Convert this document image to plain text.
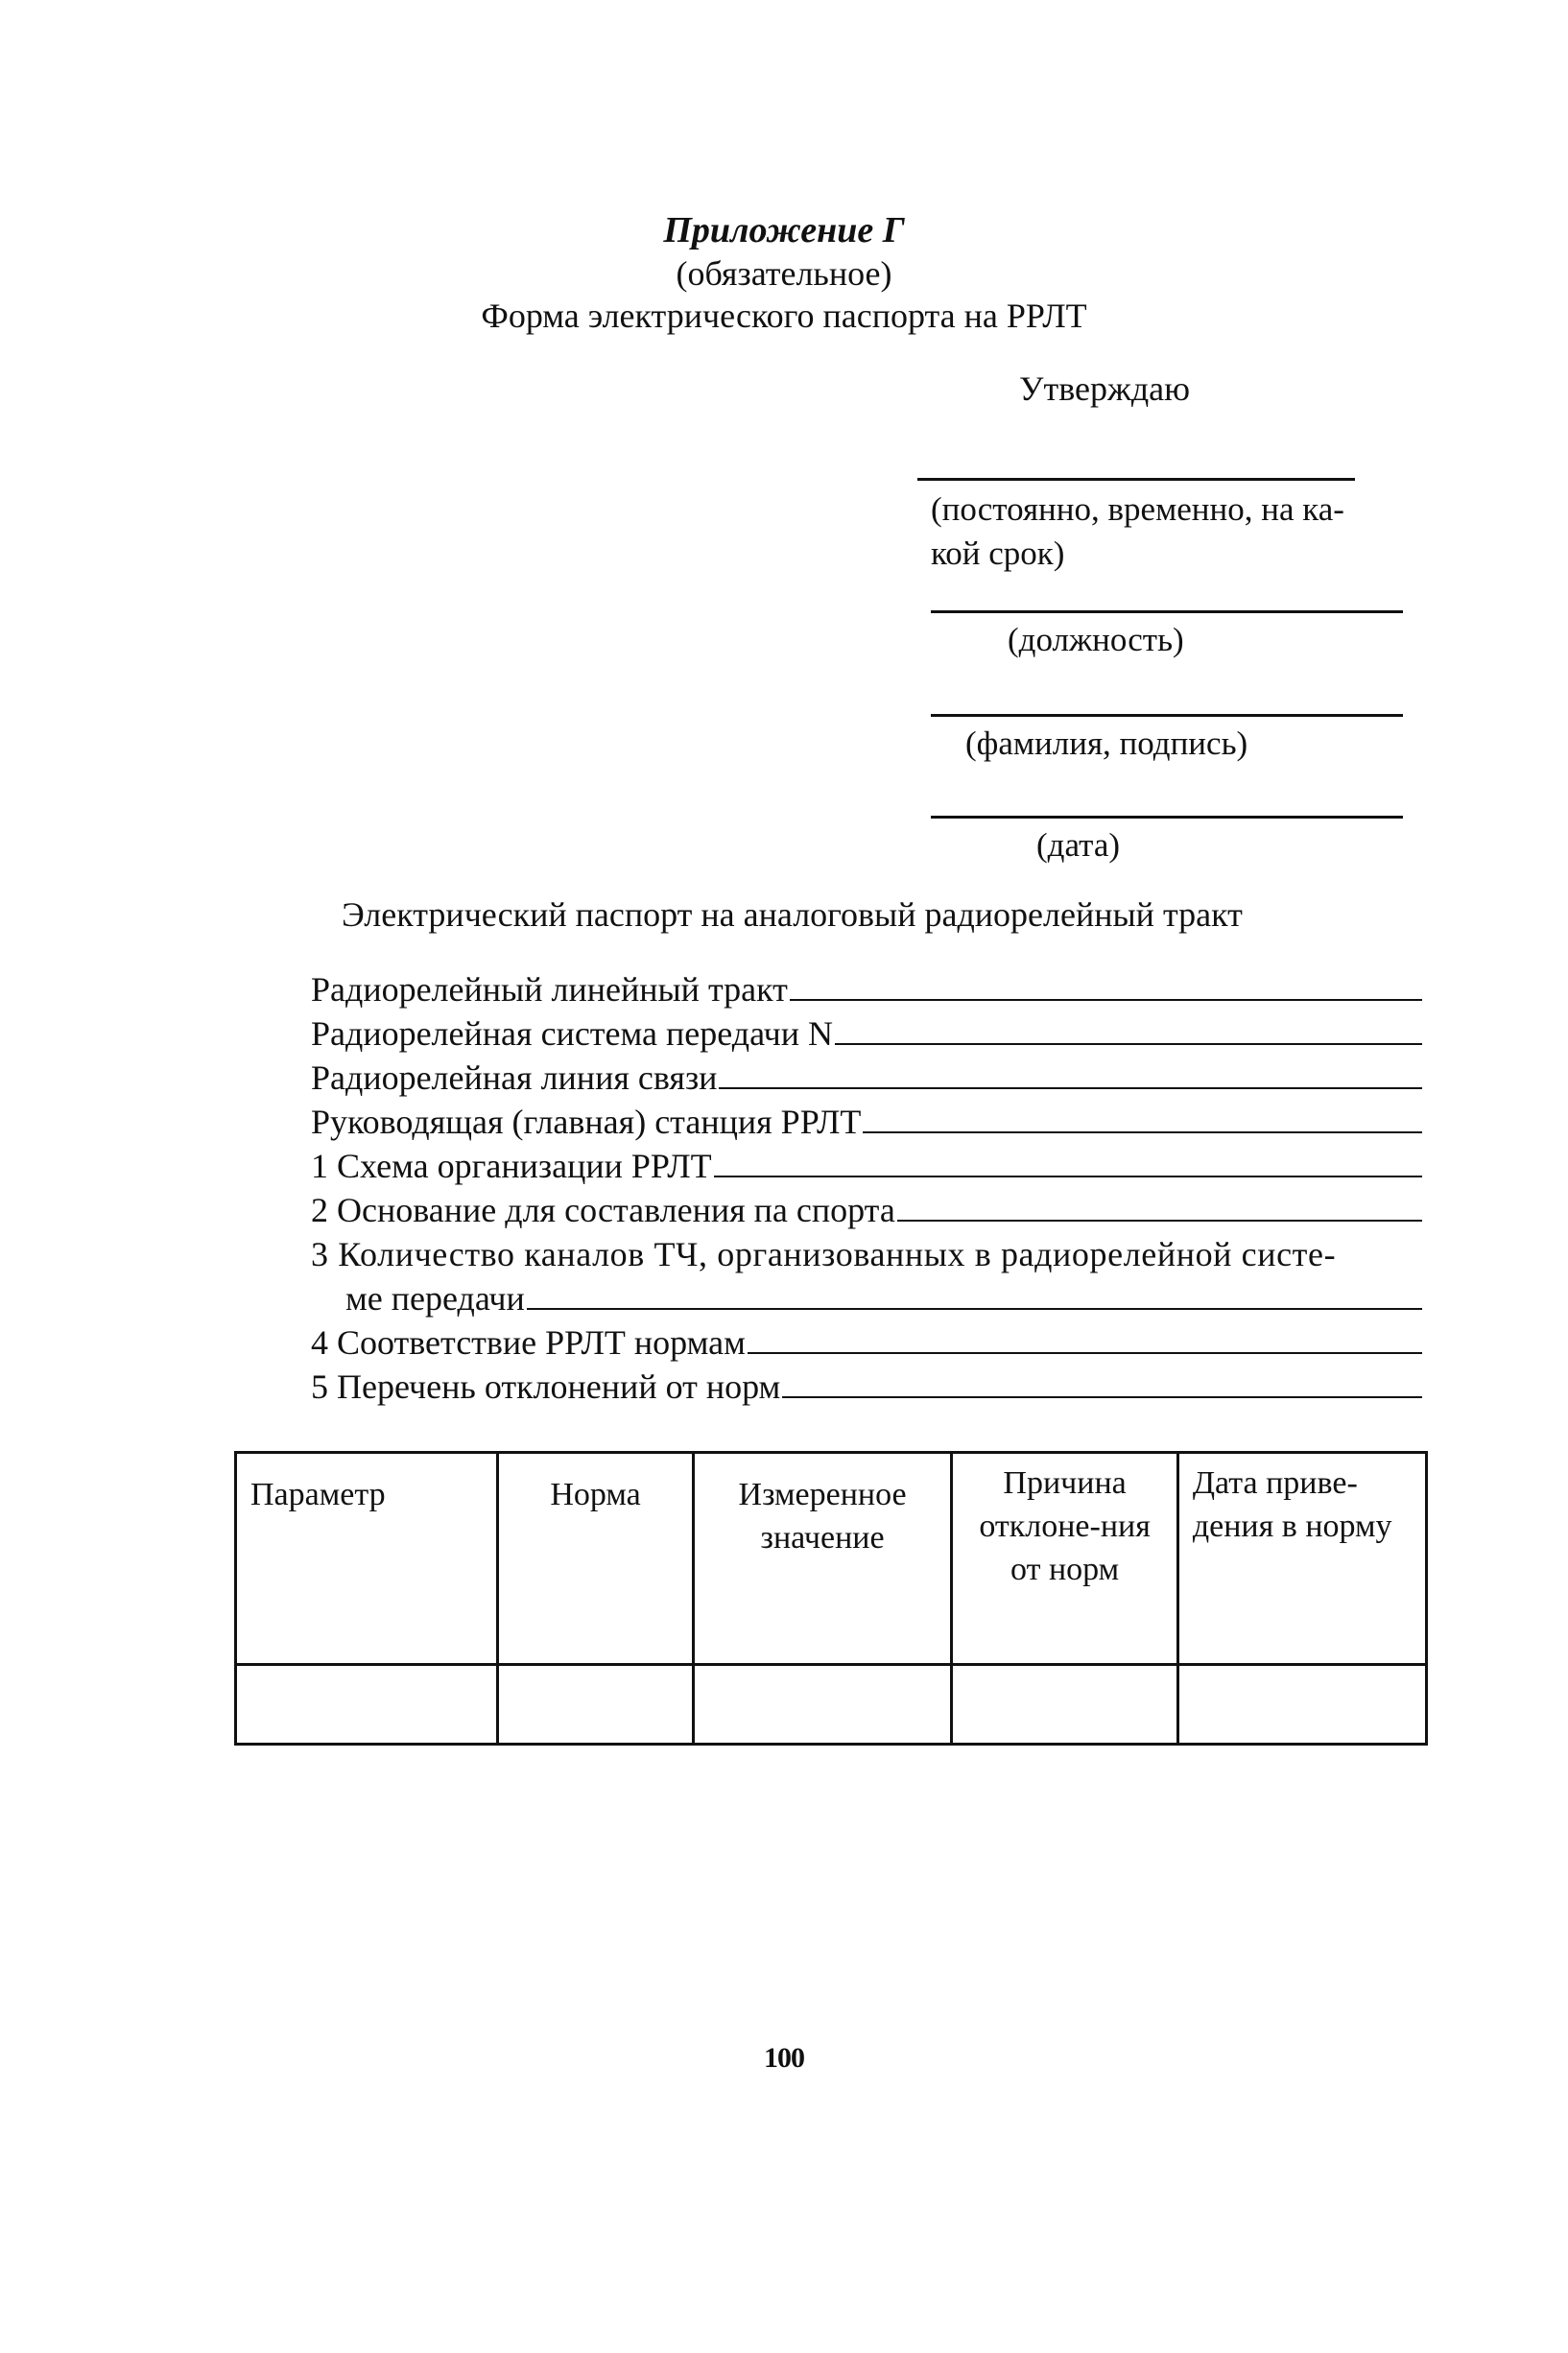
Приложение Г
(обязательное)
Форма электрического паспорта на РРЛТ
Утверждаю
(постоянно, временно, на ка-
кой срок)
(должность)
(фамилия, подпись)
(дата)
Электрический паспорт на аналоговый радиорелейный тракт
Радиорелейный линейный тракт
Радиорелейная система передачи N
Радиорелейная линия связи
Руководящая (главная) станция РРЛТ
1 Схема организации РРЛТ
2 Основание для составления па спорта
3 Количество каналов ТЧ, организованных в радиорелейной систе-
ме передачи
4 Соответствие РРЛТ нормам
5 Перечень отклонений от норм
Параметр	Норма	Измеренное значение	Причина отклоне-ния от норм	Дата приве-дения в норму

100
